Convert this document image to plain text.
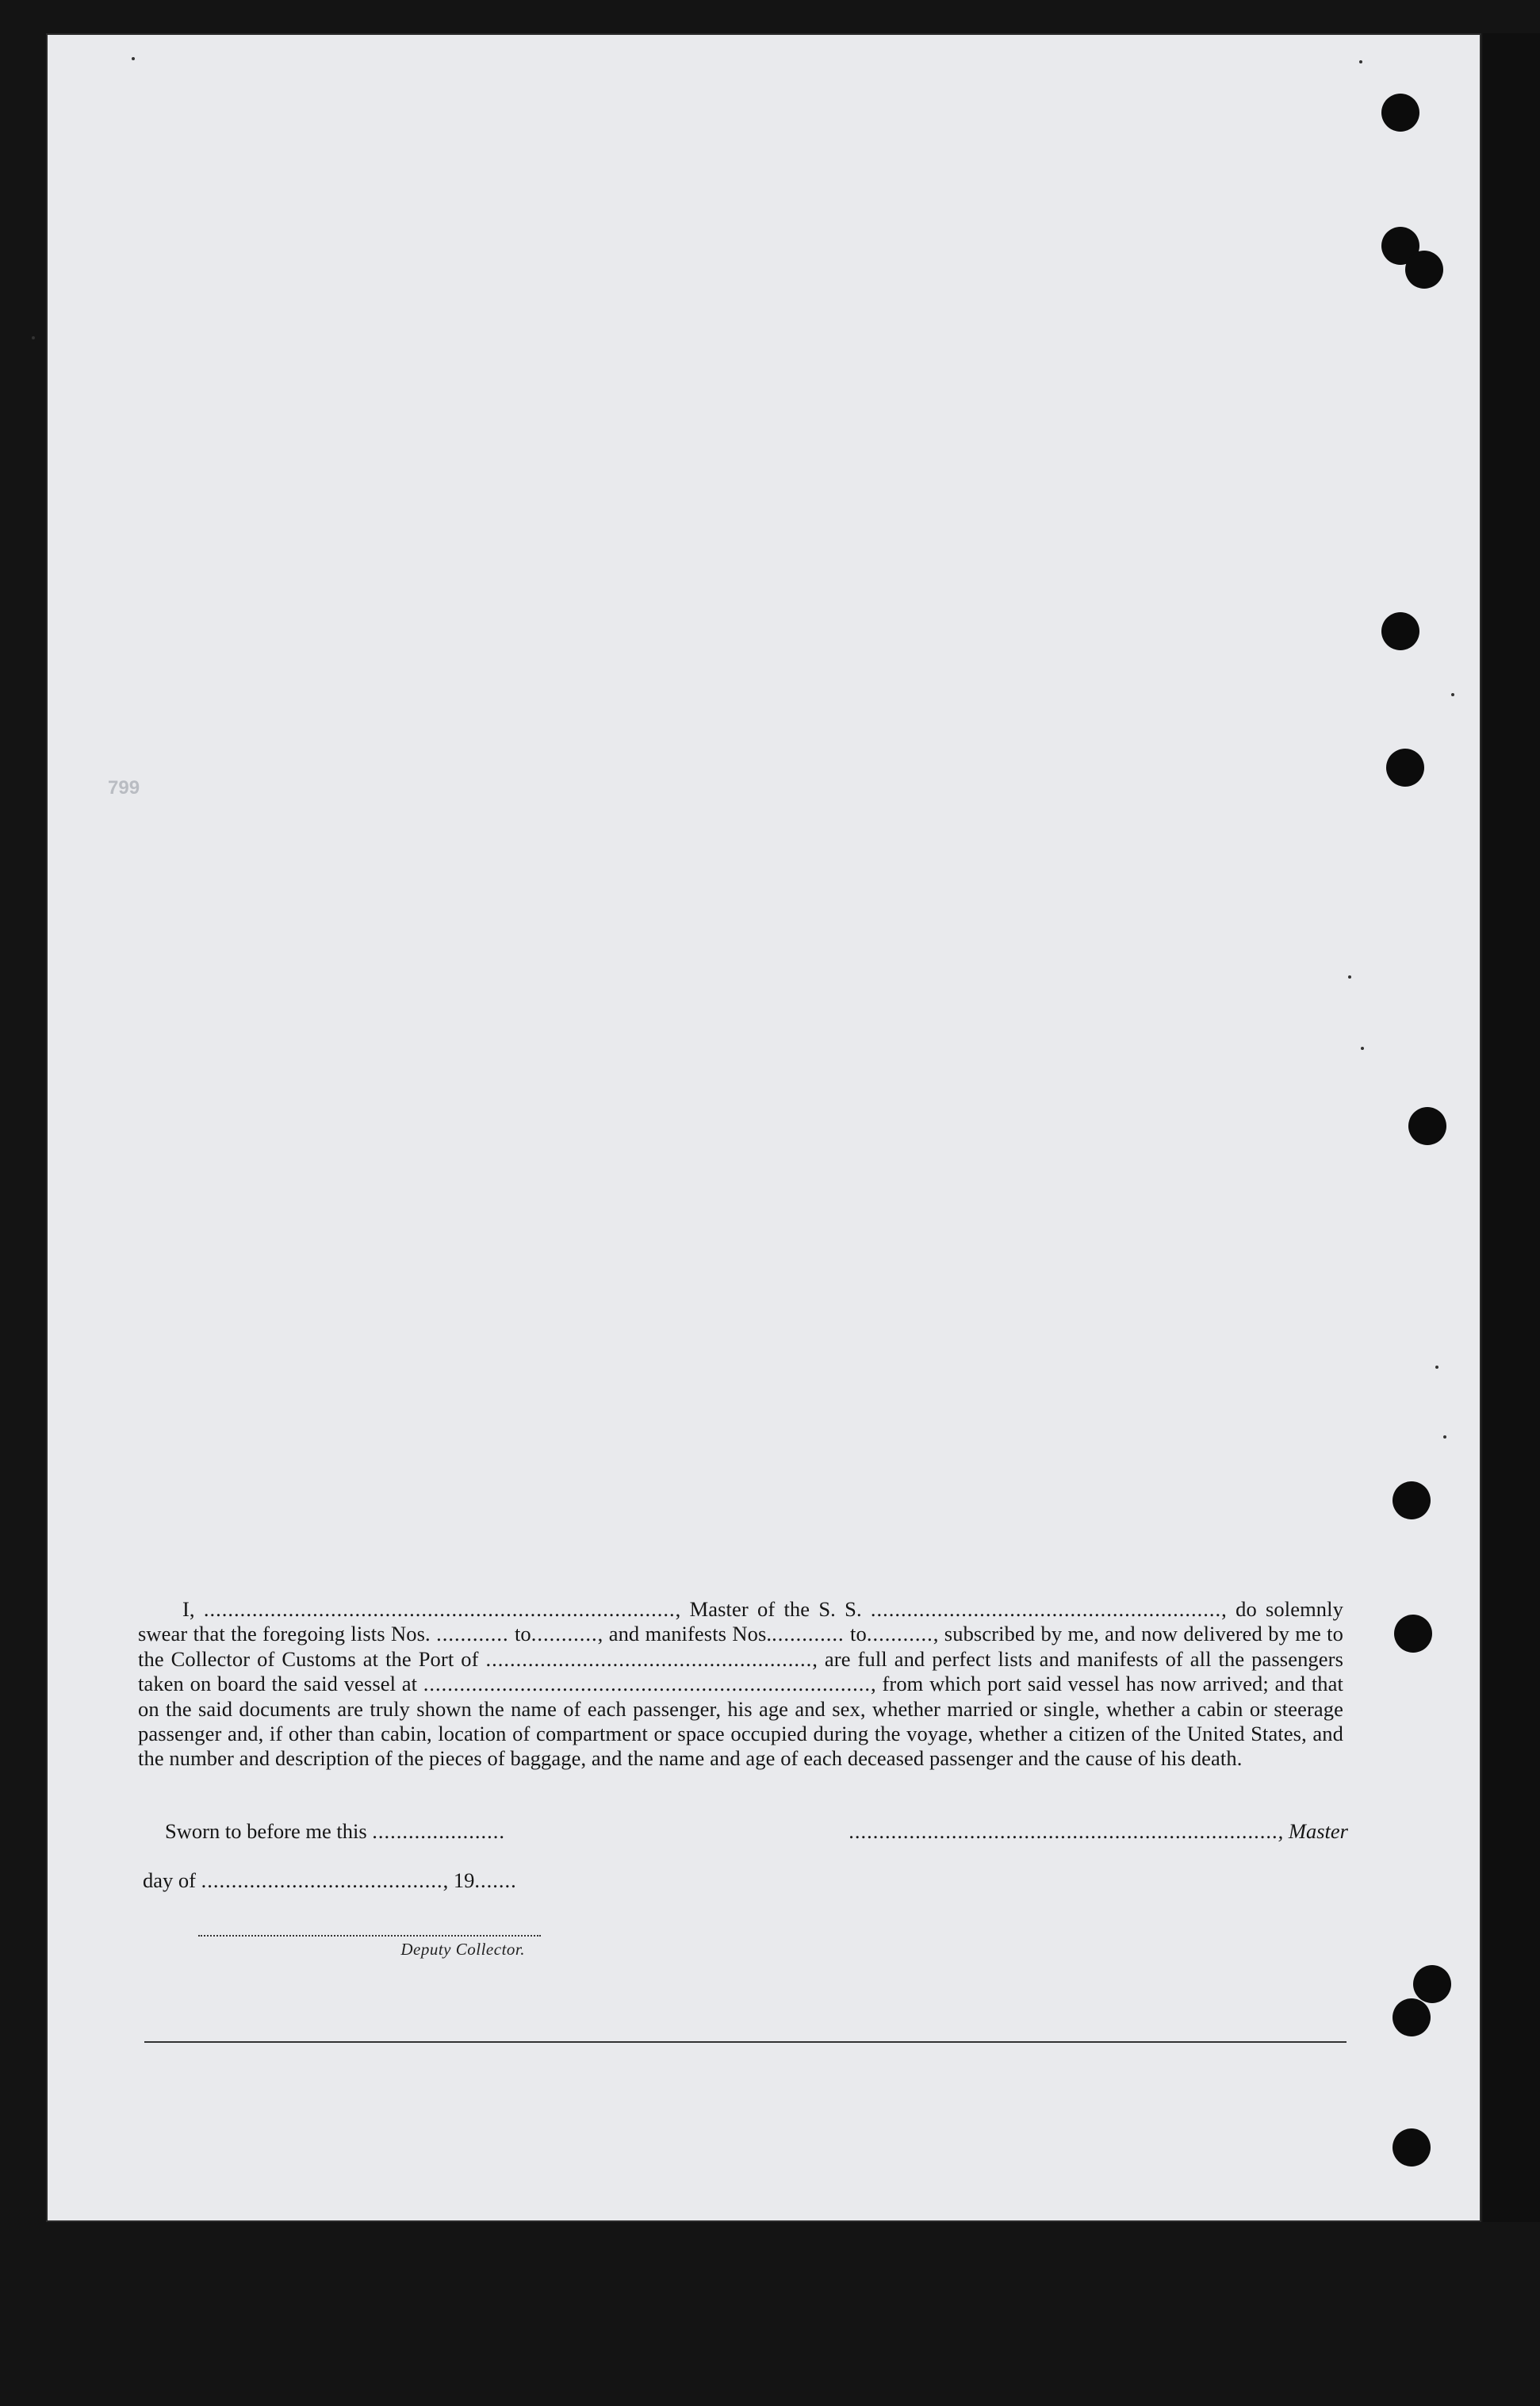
799
I, .............................................................................., Master of the S. S. .........................................................., do solemnly swear that the foregoing lists Nos. ............ to..........., and manifests Nos............. to..........., subscribed by me, and now delivered by me to the Collector of Customs at the Port of ......................................................, are full and perfect lists and manifests of all the passengers taken on board the said vessel at .........................................................................., from which port said vessel has now arrived; and that on the said documents are truly shown the name of each passenger, his age and sex, whether married or single, whether a cabin or steerage passenger and, if other than cabin, location of compartment or space occupied during the voyage, whether a citizen of the United States, and the number and description of the pieces of baggage, and the name and age of each deceased passenger and the cause of his death.
Sworn to before me this ......................	......................................................................., Master
day of ........................................, 19.......
Deputy Collector.
